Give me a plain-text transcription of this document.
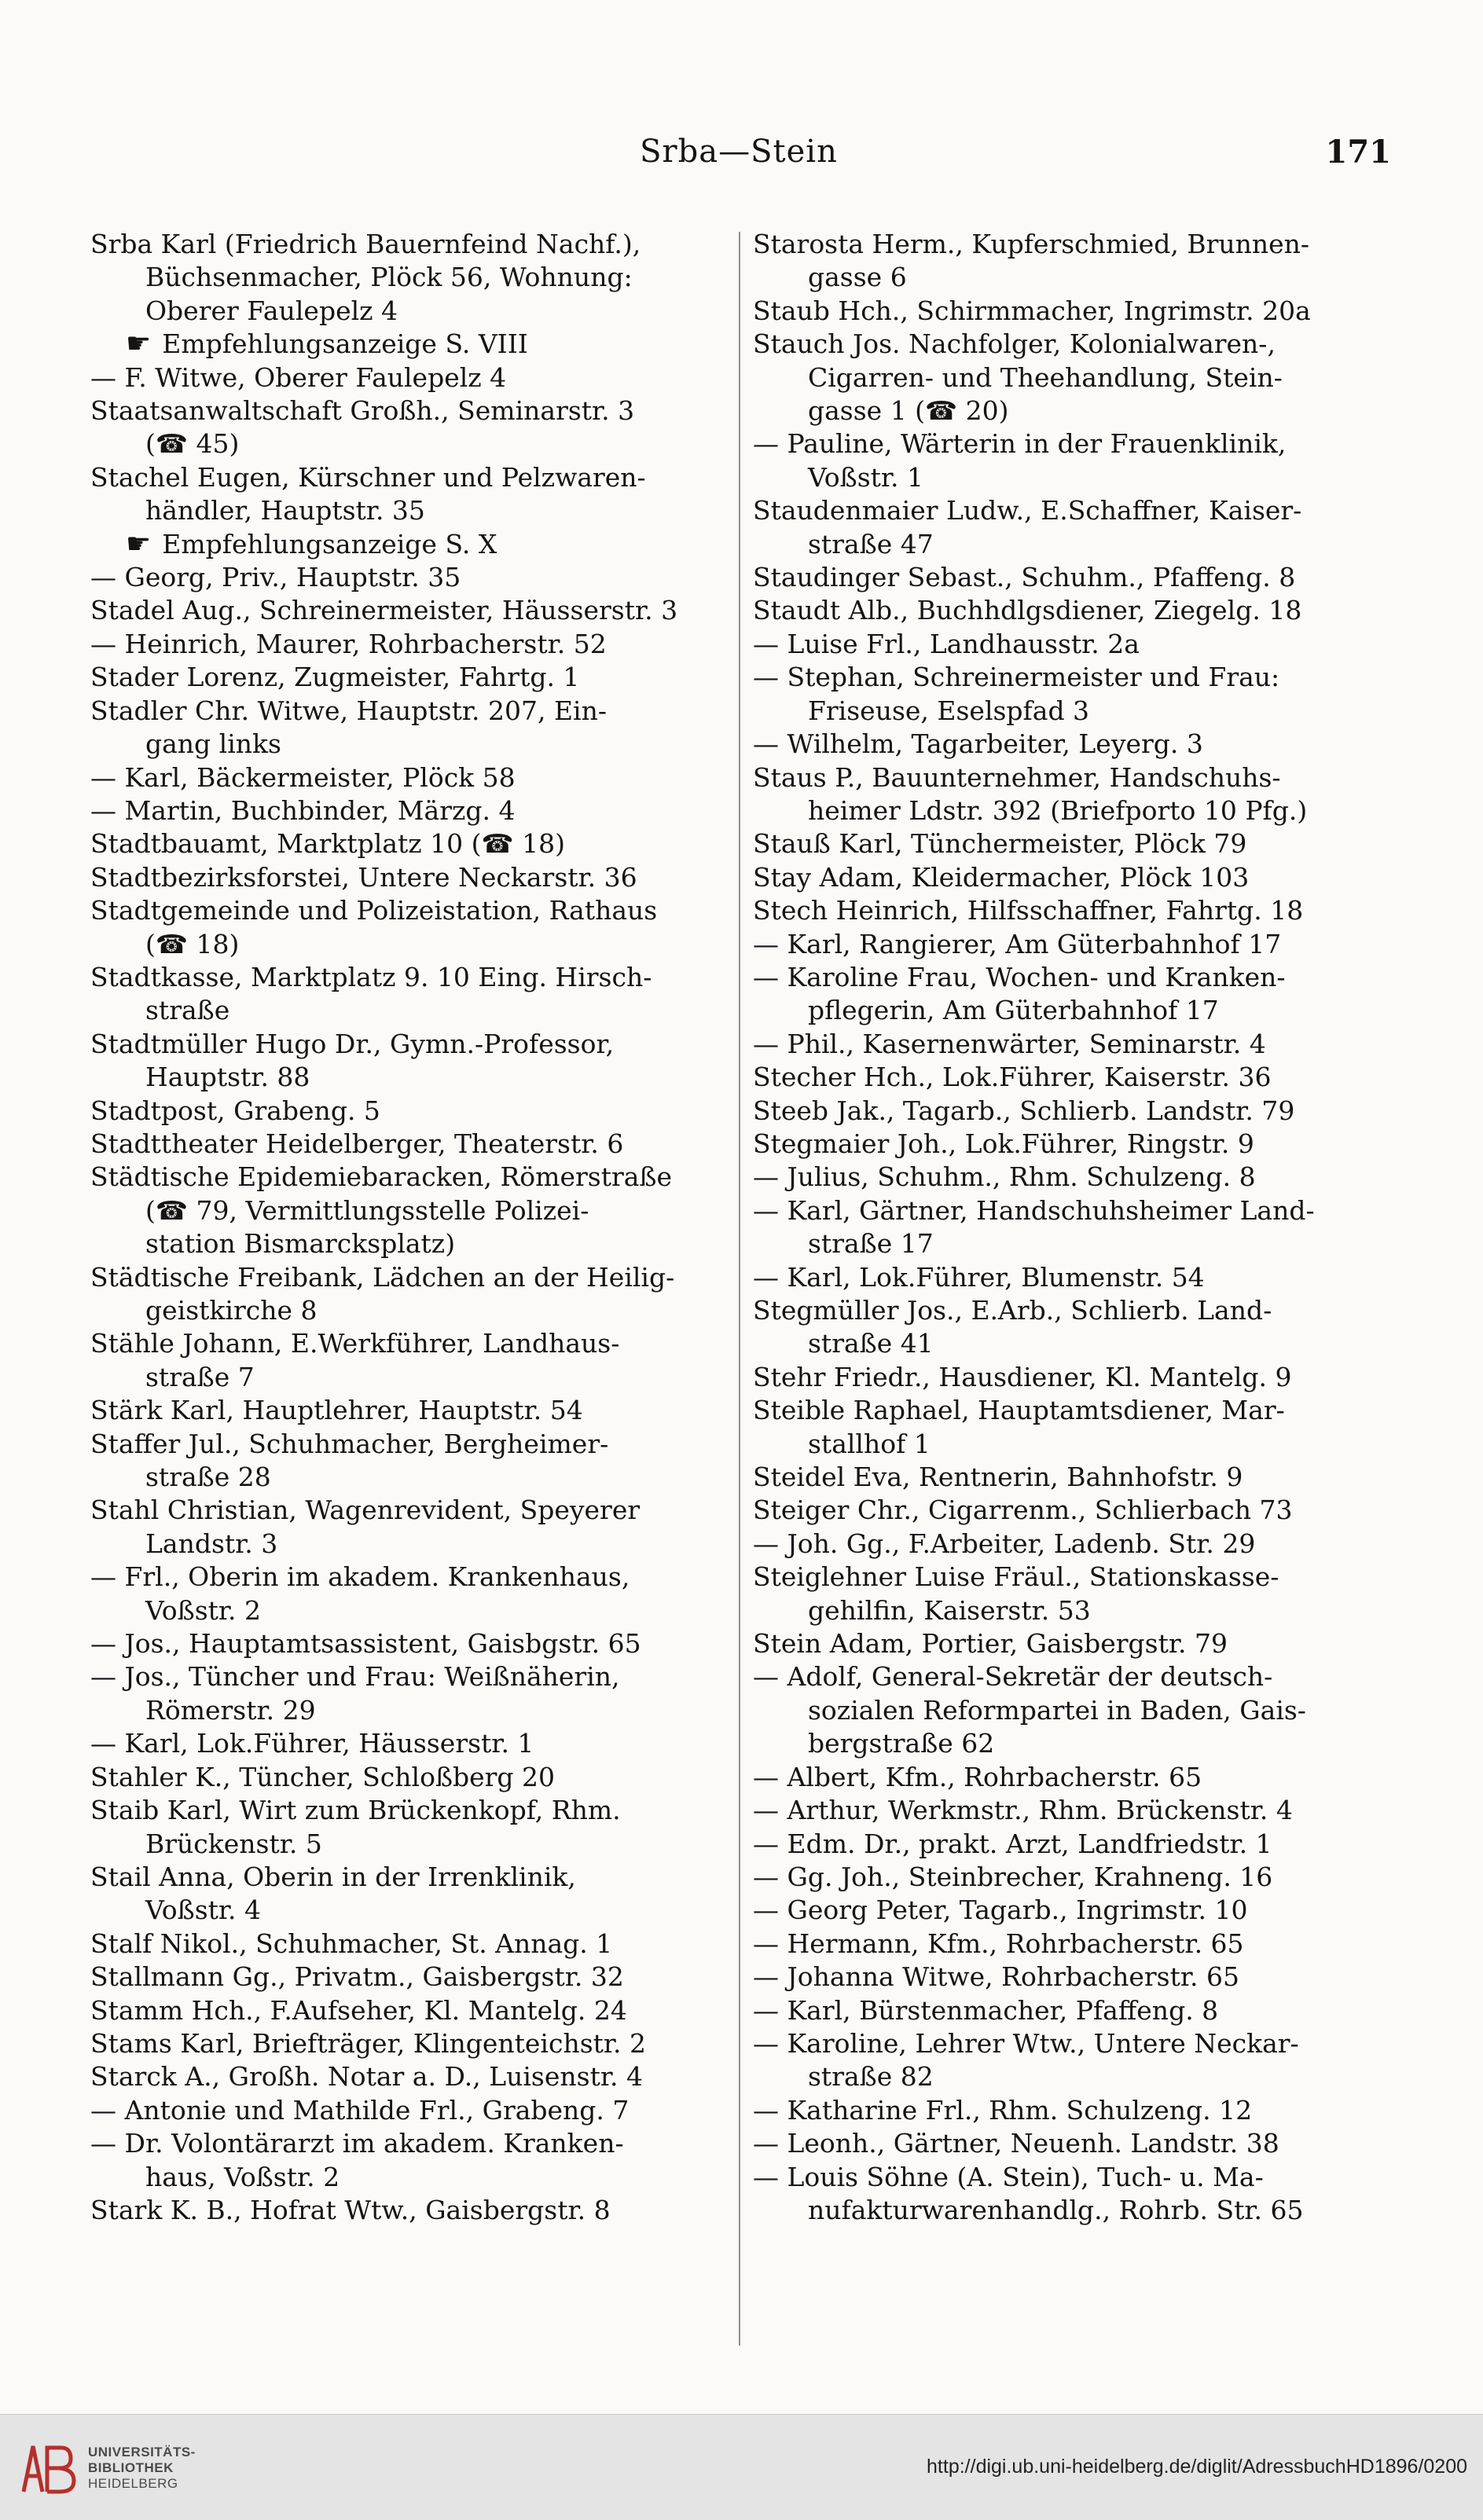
Srba—Stein	171
Srba Karl (Friedrich Bauernfeind Nachf.),
Büchsenmacher, Plöck 56, Wohnung:
Oberer Faulepelz 4
☛ Empfehlungsanzeige S. VIII
— F. Witwe, Oberer Faulepelz 4
Staatsanwaltschaft Großh., Seminarstr. 3
(☎ 45)
Stachel Eugen, Kürschner und Pelzwaren-
händler, Hauptstr. 35
☛ Empfehlungsanzeige S. X
— Georg, Priv., Hauptstr. 35
Stadel Aug., Schreinermeister, Häusserstr. 3
— Heinrich, Maurer, Rohrbacherstr. 52
Stader Lorenz, Zugmeister, Fahrtg. 1
Stadler Chr. Witwe, Hauptstr. 207, Ein-
gang links
— Karl, Bäckermeister, Plöck 58
— Martin, Buchbinder, Märzg. 4
Stadtbauamt, Marktplatz 10 (☎ 18)
Stadtbezirksforstei, Untere Neckarstr. 36
Stadtgemeinde und Polizeistation, Rathaus
(☎ 18)
Stadtkasse, Marktplatz 9. 10 Eing. Hirsch-
straße
Stadtmüller Hugo Dr., Gymn.-Professor,
Hauptstr. 88
Stadtpost, Grabeng. 5
Stadttheater Heidelberger, Theaterstr. 6
Städtische Epidemiebaracken, Römerstraße
(☎ 79, Vermittlungsstelle Polizei-
station Bismarcksplatz)
Städtische Freibank, Lädchen an der Heilig-
geistkirche 8
Stähle Johann, E.Werkführer, Landhaus-
straße 7
Stärk Karl, Hauptlehrer, Hauptstr. 54
Staffer Jul., Schuhmacher, Bergheimer-
straße 28
Stahl Christian, Wagenrevident, Speyerer
Landstr. 3
— Frl., Oberin im akadem. Krankenhaus,
Voßstr. 2
— Jos., Hauptamtsassistent, Gaisbgstr. 65
— Jos., Tüncher und Frau: Weißnäherin,
Römerstr. 29
— Karl, Lok.Führer, Häusserstr. 1
Stahler K., Tüncher, Schloßberg 20
Staib Karl, Wirt zum Brückenkopf, Rhm.
Brückenstr. 5
Stail Anna, Oberin in der Irrenklinik,
Voßstr. 4
Stalf Nikol., Schuhmacher, St. Annag. 1
Stallmann Gg., Privatm., Gaisbergstr. 32
Stamm Hch., F.Aufseher, Kl. Mantelg. 24
Stams Karl, Briefträger, Klingenteichstr. 2
Starck A., Großh. Notar a. D., Luisenstr. 4
— Antonie und Mathilde Frl., Grabeng. 7
— Dr. Volontärarzt im akadem. Kranken-
haus, Voßstr. 2
Stark K. B., Hofrat Wtw., Gaisbergstr. 8
Starosta Herm., Kupferschmied, Brunnen-
gasse 6
Staub Hch., Schirmmacher, Ingrimstr. 20a
Stauch Jos. Nachfolger, Kolonialwaren-,
Cigarren- und Theehandlung, Stein-
gasse 1 (☎ 20)
— Pauline, Wärterin in der Frauenklinik,
Voßstr. 1
Staudenmaier Ludw., E.Schaffner, Kaiser-
straße 47
Staudinger Sebast., Schuhm., Pfaffeng. 8
Staudt Alb., Buchhdlgsdiener, Ziegelg. 18
— Luise Frl., Landhausstr. 2a
— Stephan, Schreinermeister und Frau:
Friseuse, Eselspfad 3
— Wilhelm, Tagarbeiter, Leyerg. 3
Staus P., Bauunternehmer, Handschuhs-
heimer Ldstr. 392 (Briefporto 10 Pfg.)
Stauß Karl, Tünchermeister, Plöck 79
Stay Adam, Kleidermacher, Plöck 103
Stech Heinrich, Hilfsschaffner, Fahrtg. 18
— Karl, Rangierer, Am Güterbahnhof 17
— Karoline Frau, Wochen- und Kranken-
pflegerin, Am Güterbahnhof 17
— Phil., Kasernenwärter, Seminarstr. 4
Stecher Hch., Lok.Führer, Kaiserstr. 36
Steeb Jak., Tagarb., Schlierb. Landstr. 79
Stegmaier Joh., Lok.Führer, Ringstr. 9
— Julius, Schuhm., Rhm. Schulzeng. 8
— Karl, Gärtner, Handschuhsheimer Land-
straße 17
— Karl, Lok.Führer, Blumenstr. 54
Stegmüller Jos., E.Arb., Schlierb. Land-
straße 41
Stehr Friedr., Hausdiener, Kl. Mantelg. 9
Steible Raphael, Hauptamtsdiener, Mar-
stallhof 1
Steidel Eva, Rentnerin, Bahnhofstr. 9
Steiger Chr., Cigarrenm., Schlierbach 73
— Joh. Gg., F.Arbeiter, Ladenb. Str. 29
Steiglehner Luise Fräul., Stationskasse-
gehilfin, Kaiserstr. 53
Stein Adam, Portier, Gaisbergstr. 79
— Adolf, General-Sekretär der deutsch-
sozialen Reformpartei in Baden, Gais-
bergstraße 62
— Albert, Kfm., Rohrbacherstr. 65
— Arthur, Werkmstr., Rhm. Brückenstr. 4
— Edm. Dr., prakt. Arzt, Landfriedstr. 1
— Gg. Joh., Steinbrecher, Krahneng. 16
— Georg Peter, Tagarb., Ingrimstr. 10
— Hermann, Kfm., Rohrbacherstr. 65
— Johanna Witwe, Rohrbacherstr. 65
— Karl, Bürstenmacher, Pfaffeng. 8
— Karoline, Lehrer Wtw., Untere Neckar-
straße 82
— Katharine Frl., Rhm. Schulzeng. 12
— Leonh., Gärtner, Neuenh. Landstr. 38
— Louis Söhne (A. Stein), Tuch- u. Ma-
nufakturwarenhandlg., Rohrb. Str. 65
UNIVERSITÄTS-
BIBLIOTHEK
HEIDELBERG
http://digi.ub.uni-heidelberg.de/diglit/AdressbuchHD1896/0200
